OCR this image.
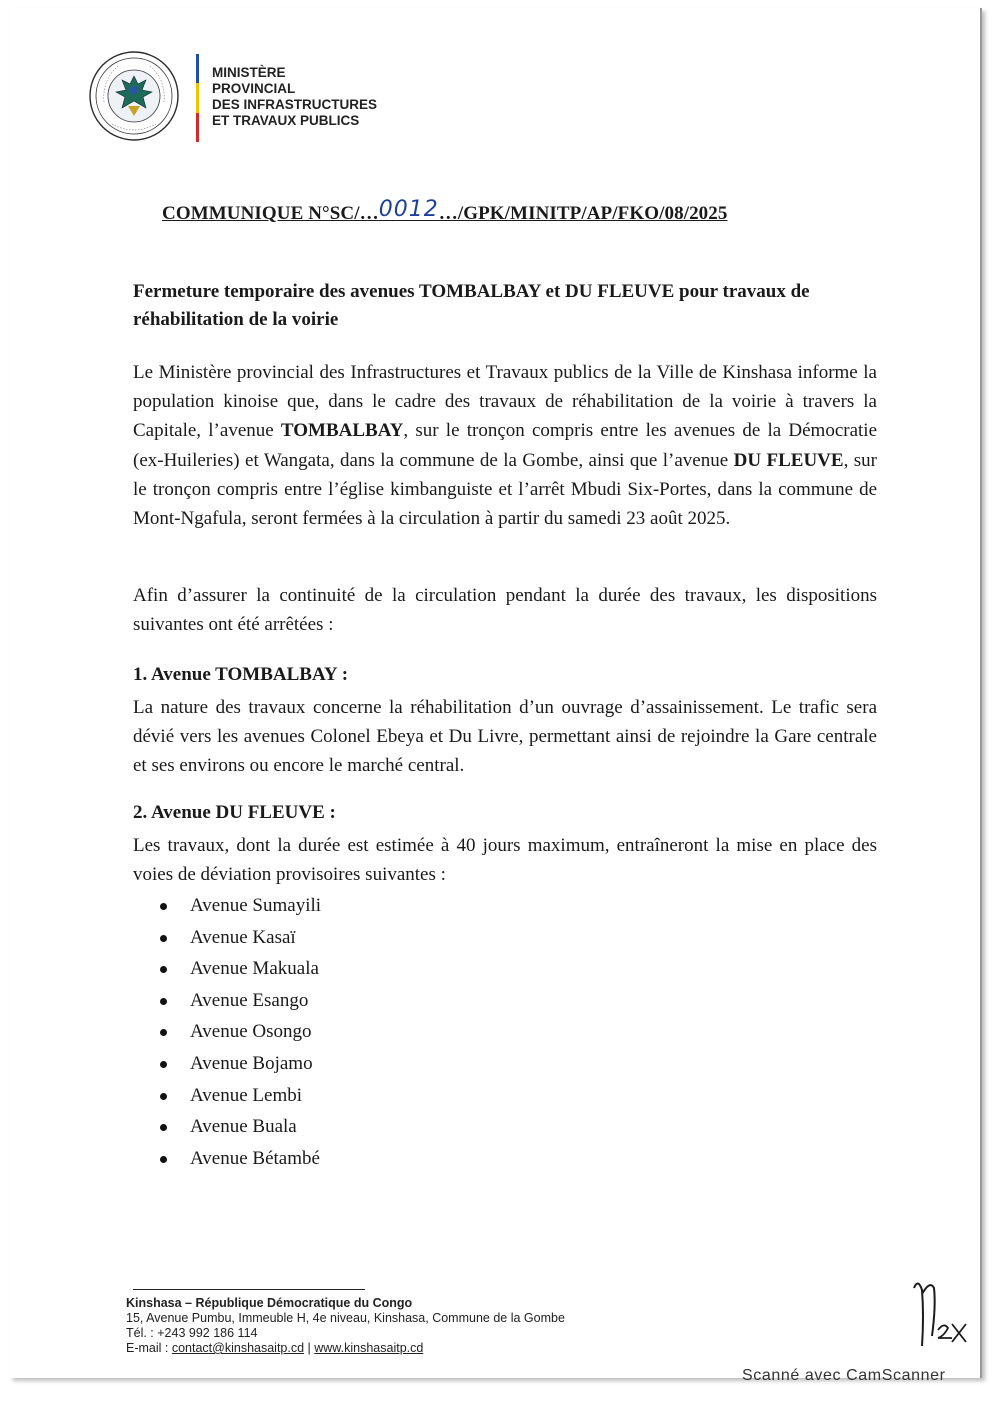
MINISTÈRE
PROVINCIAL
DES INFRASTRUCTURES
ET TRAVAUX PUBLICS
COMMUNIQUE N°SC/…0012…/GPK/MINITP/AP/FKO/08/2025
Fermeture temporaire des avenues TOMBALBAY et DU FLEUVE pour travaux de réhabilitation de la voirie
Le Ministère provincial des Infrastructures et Travaux publics de la Ville de Kinshasa informe la population kinoise que, dans le cadre des travaux de réhabilitation de la voirie à travers la Capitale, l’avenue TOMBALBAY, sur le tronçon compris entre les avenues de la Démocratie (ex-Huileries) et Wangata, dans la commune de la Gombe, ainsi que l’avenue DU FLEUVE, sur le tronçon compris entre l’église kimbanguiste et l’arrêt Mbudi Six-Portes, dans la commune de Mont-Ngafula, seront fermées à la circulation à partir du samedi 23 août 2025.
Afin d’assurer la continuité de la circulation pendant la durée des travaux, les dispositions suivantes ont été arrêtées :
1. Avenue TOMBALBAY :
La nature des travaux concerne la réhabilitation d’un ouvrage d’assainissement. Le trafic sera dévié vers les avenues Colonel Ebeya et Du Livre, permettant ainsi de rejoindre la Gare centrale et ses environs ou encore le marché central.
2. Avenue DU FLEUVE :
Les travaux, dont la durée est estimée à 40 jours maximum, entraîneront la mise en place des voies de déviation provisoires suivantes :
Avenue Sumayili
Avenue Kasaï
Avenue Makuala
Avenue Esango
Avenue Osongo
Avenue Bojamo
Avenue Lembi
Avenue Buala
Avenue Bétambé
Kinshasa – République Démocratique du Congo
15, Avenue Pumbu, Immeuble H, 4e niveau, Kinshasa, Commune de la Gombe
Tél. : +243 992 186 114
E-mail : contact@kinshasaitp.cd | www.kinshasaitp.cd
Scanné avec CamScanner
